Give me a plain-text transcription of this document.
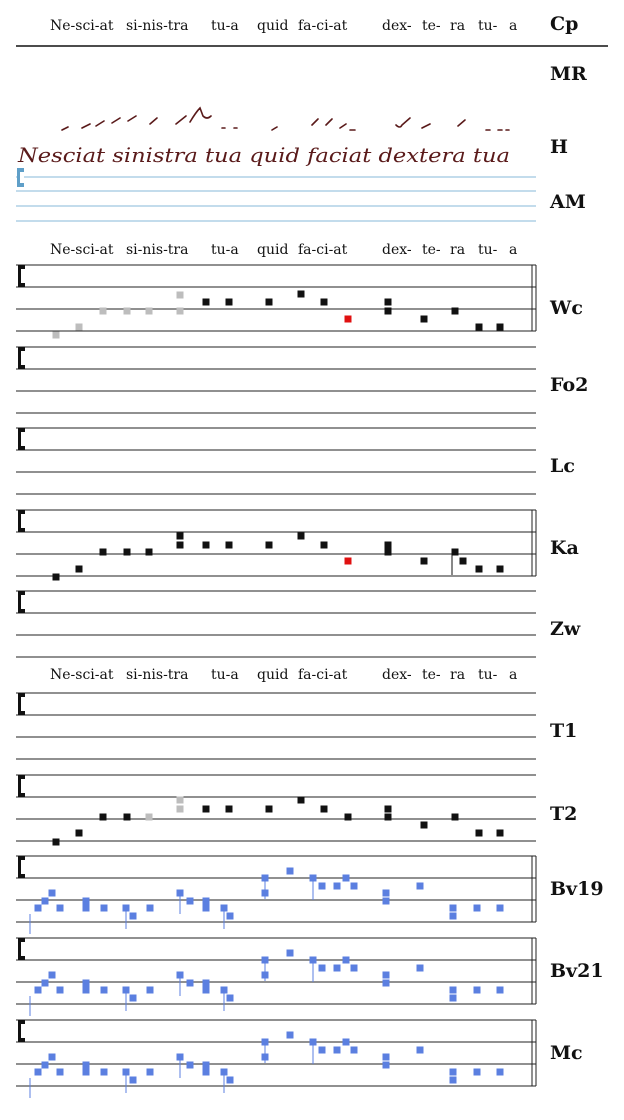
Ne-sci-at si-nis-tra tu-a quid fa-ci-at dex- te- ra tu- a Cp
MR
Nesciat sinistra tua quid faciat dextera tua H
AM
Ne-sci-at si-nis-tra tu-a quid fa-ci-at dex- te- ra tu- a
Ne-sci-at si-nis-tra tu-a quid fa-ci-at dex- te- ra tu- a
Wc
Fo2
Lc
Ka
Zw
T1
T2
Bv19
Bv21
Mc
